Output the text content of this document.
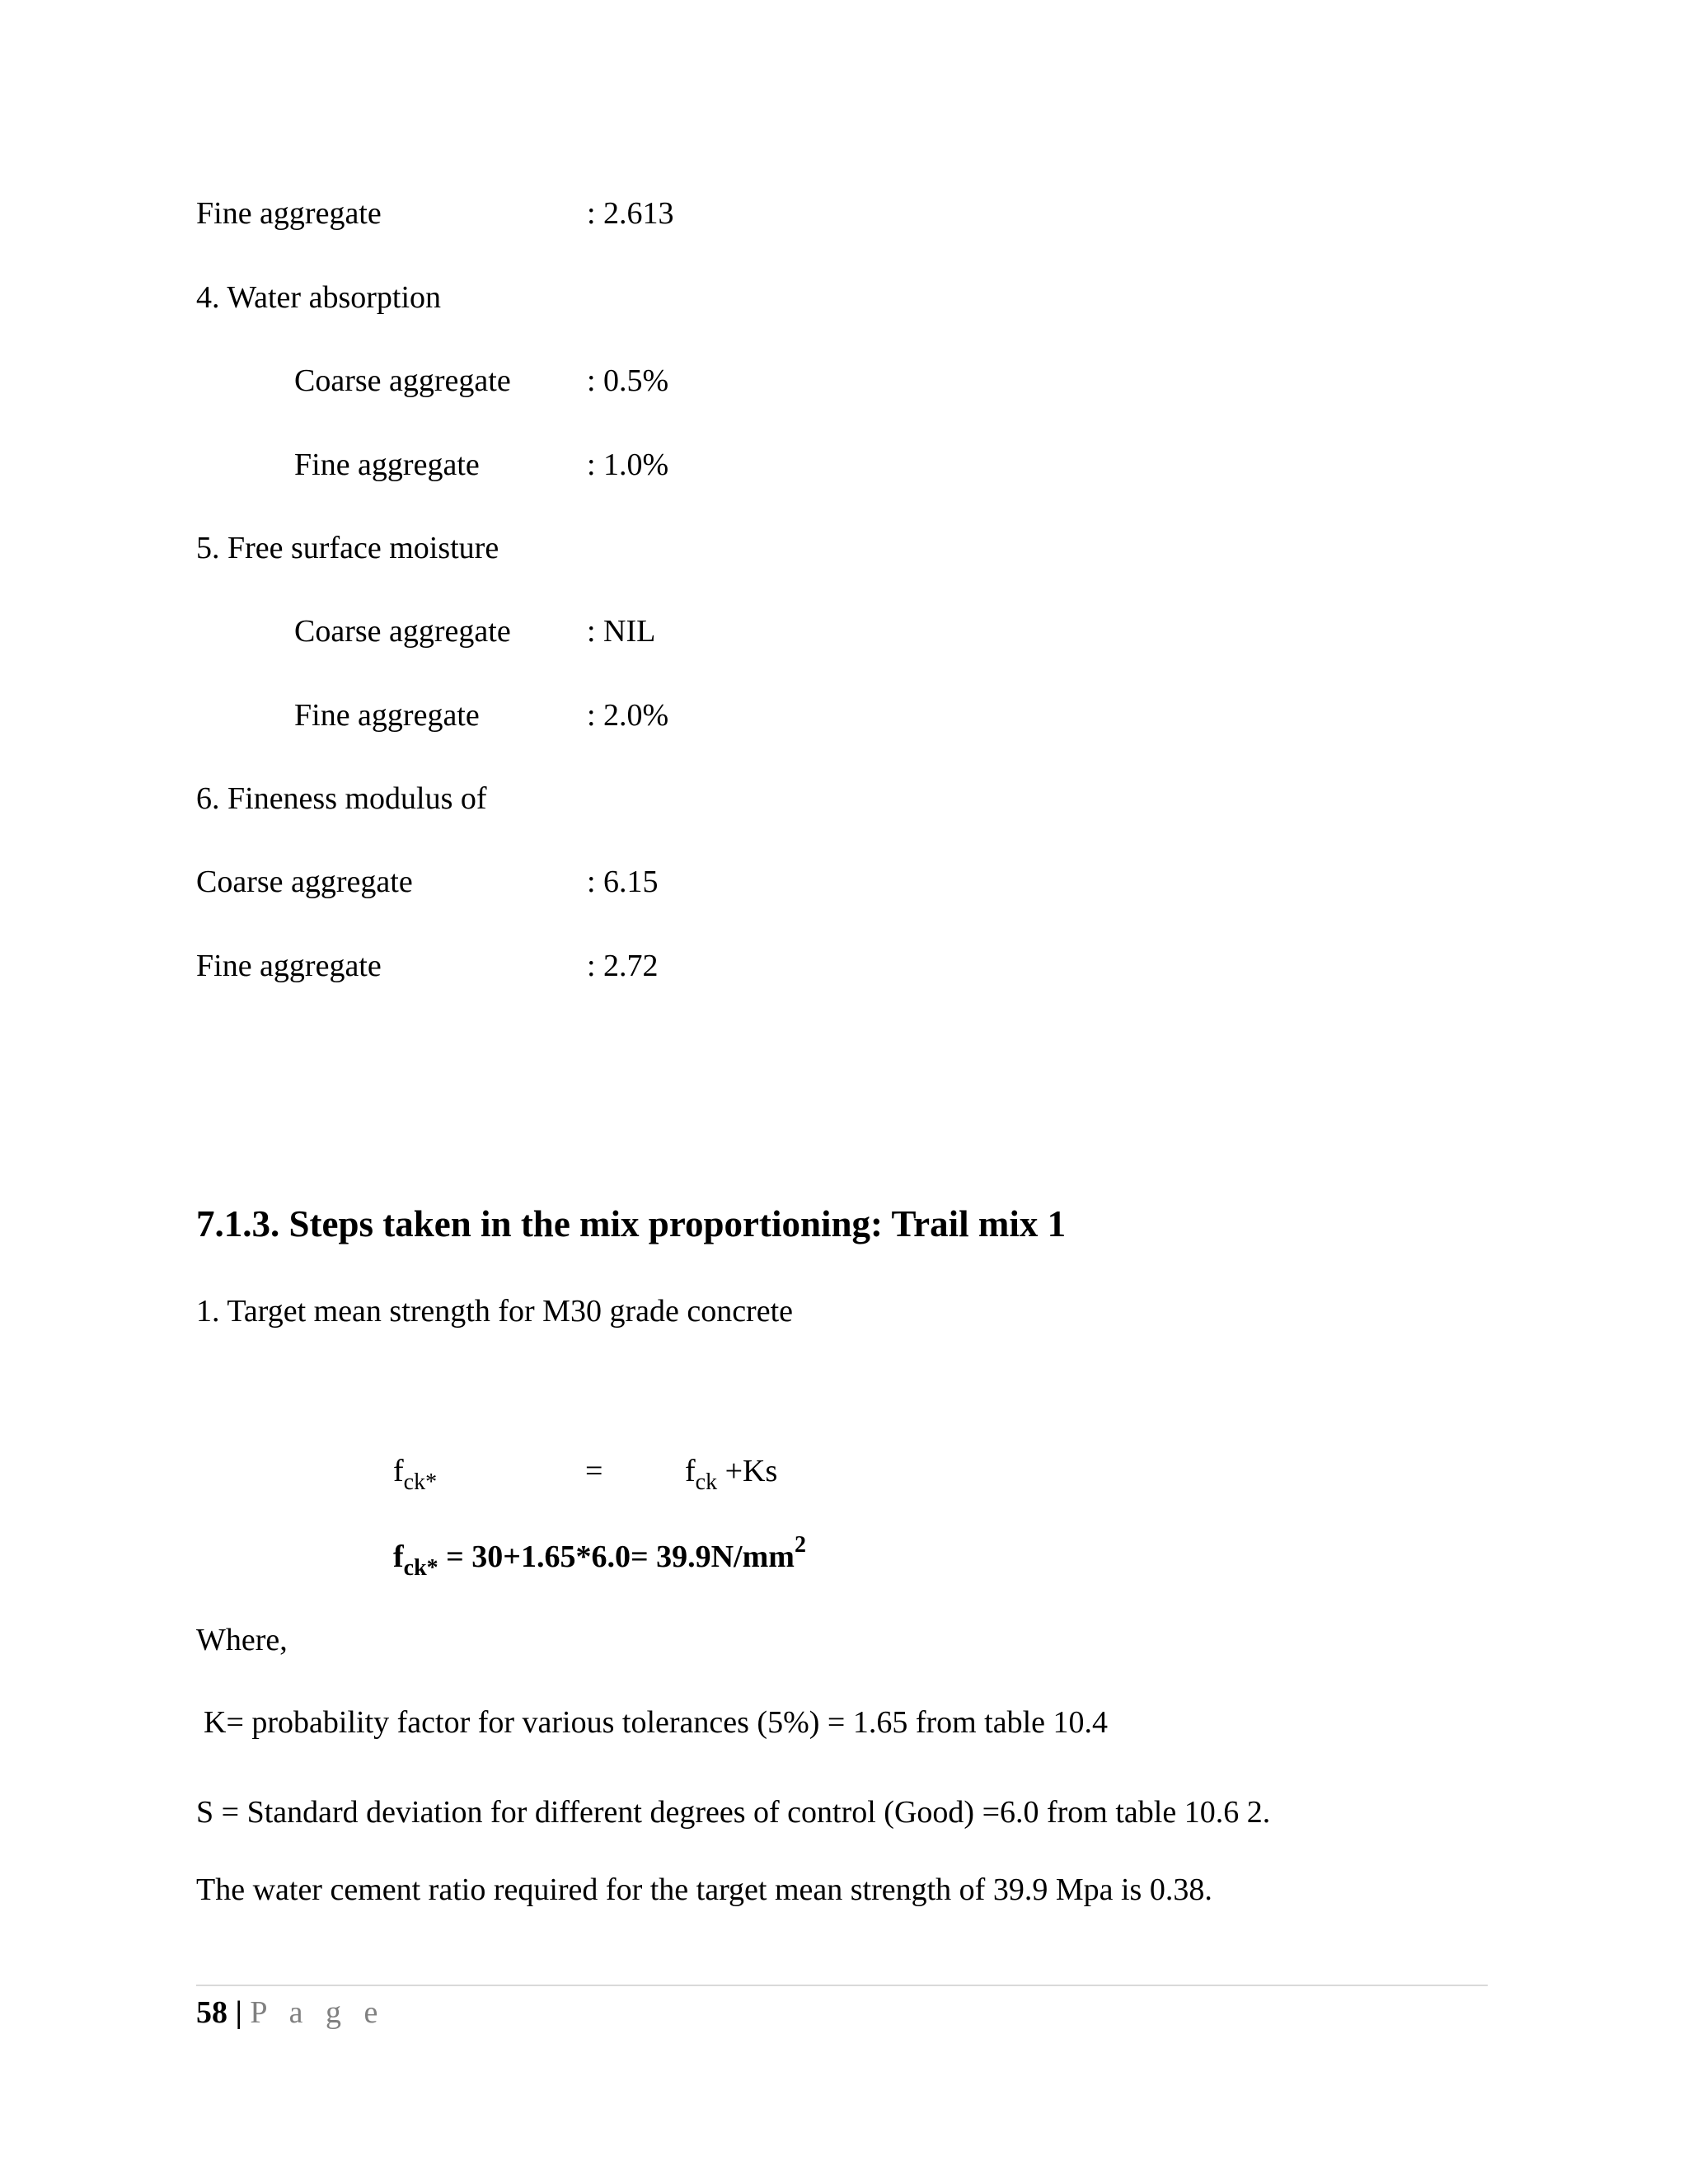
Fine aggregate	: 2.613
4. Water absorption
Coarse aggregate : 0.5%
Fine aggregate	: 1.0%
5. Free surface moisture
Coarse aggregate : NIL
Fine aggregate	: 2.0%
6. Fineness modulus of
Coarse aggregate	: 6.15
Fine aggregate	: 2.72
7.1.3. Steps taken in the mix proportioning: Trail mix 1
1. Target mean strength for M30 grade concrete
$f_{ck*}$	=	$f_{ck} +Ks$
$f_{ck*} = 30+1.65*6.0= 39.9N/mm^2$
Where,
K= probability factor for various tolerances (5%) = 1.65 from table 10.4
S = Standard deviation for different degrees of control (Good) =6.0 from table 10.6 2.
The water cement ratio required for the target mean strength of 39.9 Mpa is 0.38.
58 | P a g e
